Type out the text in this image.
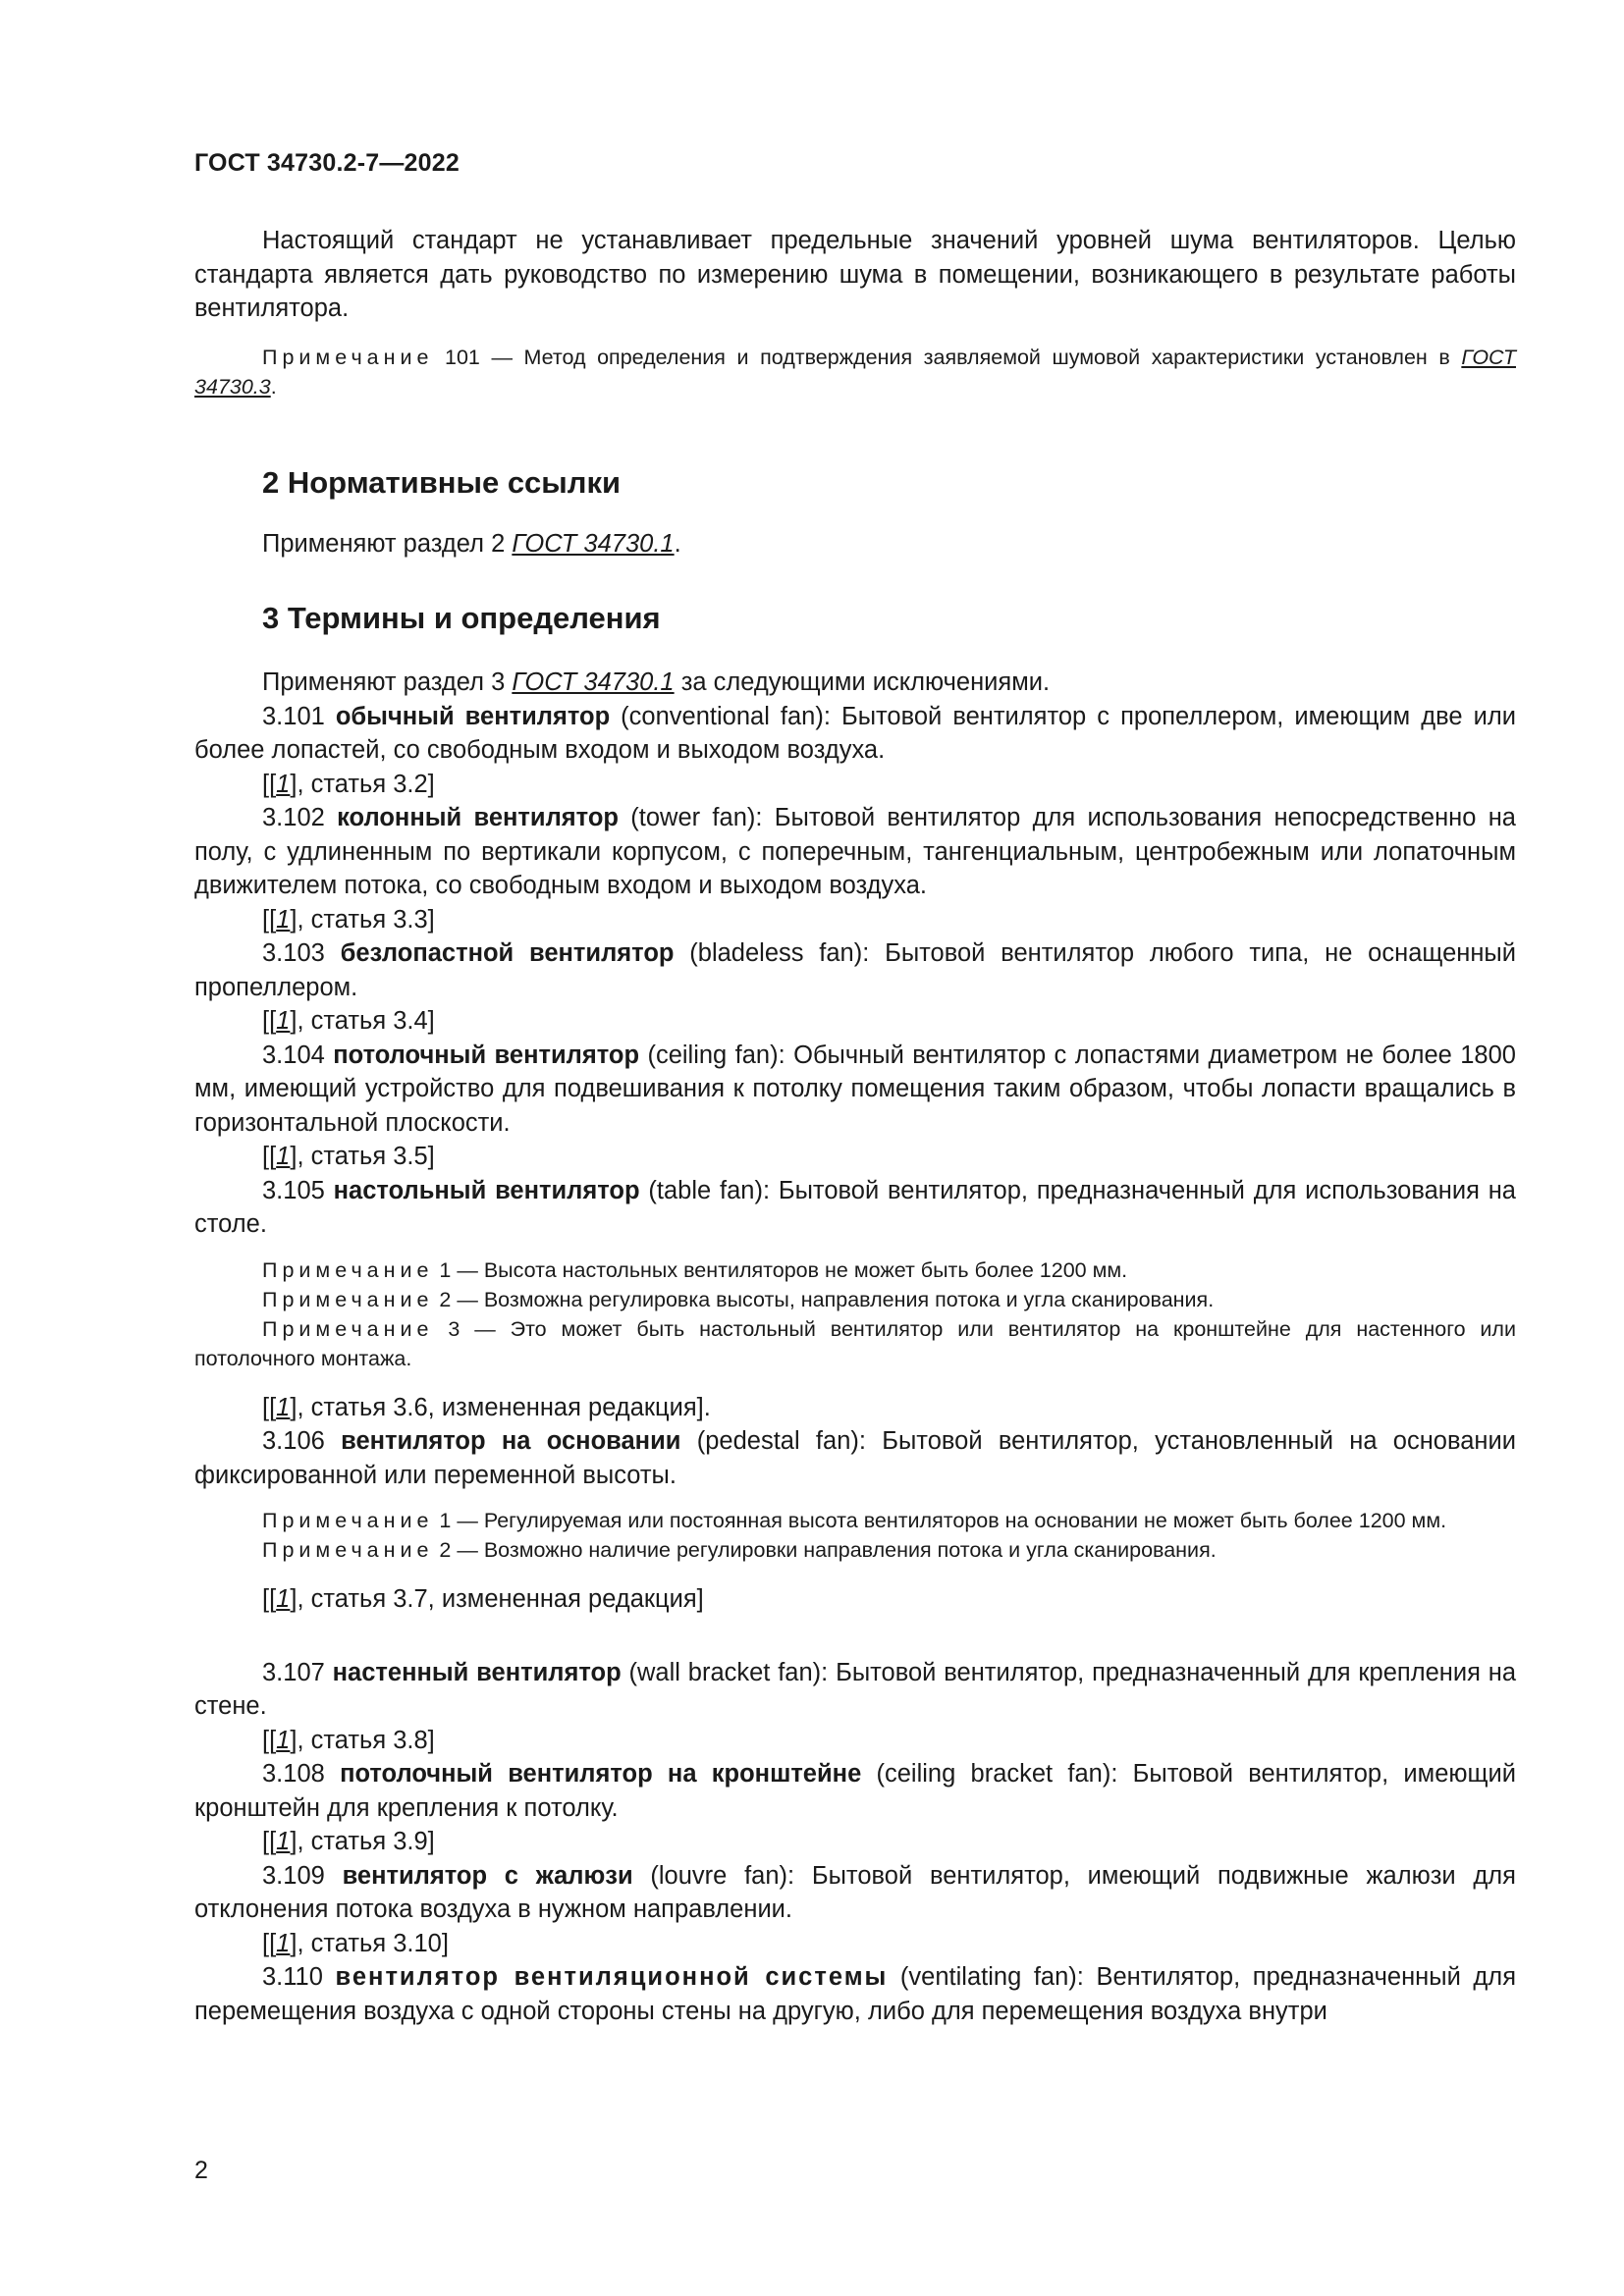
ГОСТ 34730.2-7—2022

Настоящий стандарт не устанавливает предельные значений уровней шума вентиляторов. Целью стандарта является дать руководство по измерению шума в помещении, возникающего в результате работы вентилятора.

Примечание 101 — Метод определения и подтверждения заявляемой шумовой характеристики установлен в ГОСТ 34730.3.

2 Нормативные ссылки

Применяют раздел 2 ГОСТ 34730.1.

3 Термины и определения

Применяют раздел 3 ГОСТ 34730.1 за следующими исключениями.

3.101 обычный вентилятор (conventional fan): Бытовой вентилятор с пропеллером, имеющим две или более лопастей, со свободным входом и выходом воздуха.

[[1], статья 3.2]

3.102 колонный вентилятор (tower fan): Бытовой вентилятор для использования непосредственно на полу, с удлиненным по вертикали корпусом, с поперечным, тангенциальным, центробежным или лопаточным движителем потока, со свободным входом и выходом воздуха.

[[1], статья 3.3]

3.103 безлопастной вентилятор (bladeless fan): Бытовой вентилятор любого типа, не оснащенный пропеллером.

[[1], статья 3.4]

3.104 потолочный вентилятор (ceiling fan): Обычный вентилятор с лопастями диаметром не более 1800 мм, имеющий устройство для подвешивания к потолку помещения таким образом, чтобы лопасти вращались в горизонтальной плоскости.

[[1], статья 3.5]

3.105 настольный вентилятор (table fan): Бытовой вентилятор, предназначенный для использования на столе.

Примечание 1 — Высота настольных вентиляторов не может быть более 1200 мм.

Примечание 2 — Возможна регулировка высоты, направления потока и угла сканирования.

Примечание 3 — Это может быть настольный вентилятор или вентилятор на кронштейне для настенного или потолочного монтажа.

[[1], статья 3.6, измененная редакция].

3.106 вентилятор на основании (pedestal fan): Бытовой вентилятор, установленный на основании фиксированной или переменной высоты.

Примечание 1 — Регулируемая или постоянная высота вентиляторов на основании не может быть более 1200 мм.

Примечание 2 — Возможно наличие регулировки направления потока и угла сканирования.

[[1], статья 3.7, измененная редакция]

3.107 настенный вентилятор (wall bracket fan): Бытовой вентилятор, предназначенный для крепления на стене.

[[1], статья 3.8]

3.108 потолочный вентилятор на кронштейне (ceiling bracket fan): Бытовой вентилятор, имеющий кронштейн для крепления к потолку.

[[1], статья 3.9]

3.109 вентилятор с жалюзи (louvre fan): Бытовой вентилятор, имеющий подвижные жалюзи для отклонения потока воздуха в нужном направлении.

[[1], статья 3.10]

3.110 вентилятор вентиляционной системы (ventilating fan): Вентилятор, предназначенный для перемещения воздуха с одной стороны стены на другую, либо для перемещения воздуха внутри

2
